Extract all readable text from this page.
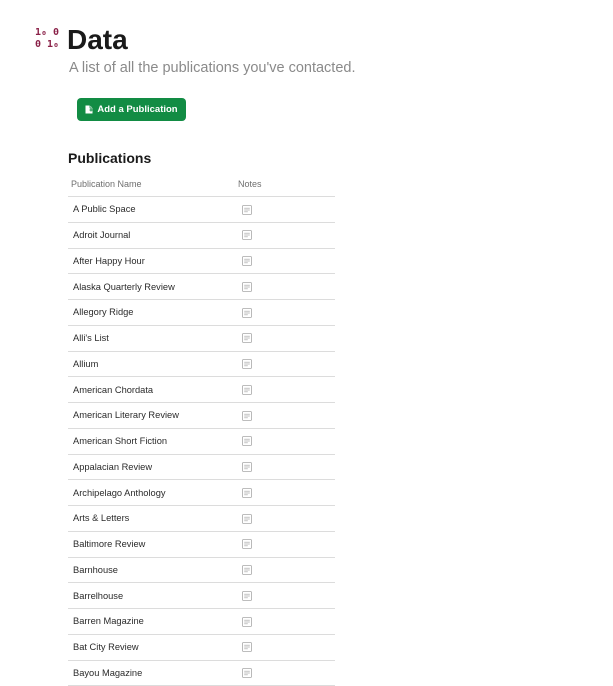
1₀ 0
0 1₀ Data
A list of all the publications you've contacted.
Add a Publication
Publications
Publication Name	Notes
A Public Space
Adroit Journal
After Happy Hour
Alaska Quarterly Review
Allegory Ridge
Alli's List
Allium
American Chordata
American Literary Review
American Short Fiction
Appalacian Review
Archipelago Anthology
Arts & Letters
Baltimore Review
Barnhouse
Barrelhouse
Barren Magazine
Bat City Review
Bayou Magazine
